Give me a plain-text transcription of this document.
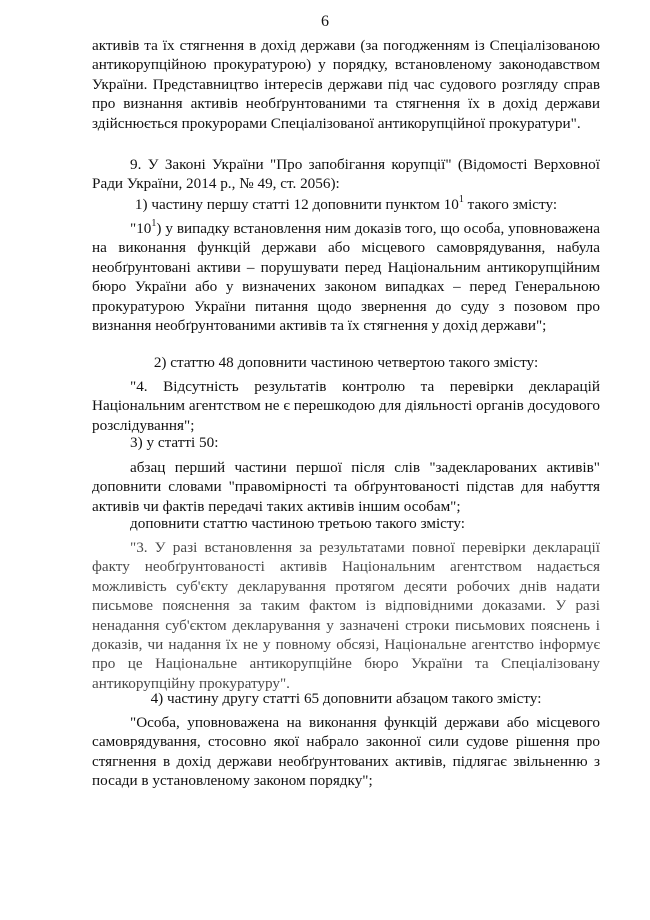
6
активів та їх стягнення в дохід держави (за погодженням із Спеціалізованою антикорупційною прокуратурою) у порядку, встановленому законодавством України. Представництво інтересів держави під час судового розгляду справ про визнання активів необґрунтованими та стягнення їх в дохід держави здійснюється прокурорами Спеціалізованої антикорупційної прокуратури".
9. У Законі України "Про запобігання корупції" (Відомості Верховної Ради України, 2014 р., № 49, ст. 2056):
1) частину першу статті 12 доповнити пунктом $10^1$ такого змісту:
"$10^1$) у випадку встановлення ним доказів того, що особа, уповноважена на виконання функцій держави або місцевого самоврядування, набула необґрунтовані активи – порушувати перед Національним антикорупційним бюро України або у визначених законом випадках – перед Генеральною прокуратурою України питання щодо звернення до суду з позовом про визнання необґрунтованими активів та їх стягнення у дохід держави";
2) статтю 48 доповнити частиною четвертою такого змісту:
"4. Відсутність результатів контролю та перевірки декларацій Національним агентством не є перешкодою для діяльності органів досудового розслідування";
3) у статті 50:
абзац перший частини першої після слів "задекларованих активів" доповнити словами "правомірності та обґрунтованості підстав для набуття активів чи фактів передачі таких активів іншим особам";
доповнити статтю частиною третьою такого змісту:
"3. У разі встановлення за результатами повної перевірки декларації факту необґрунтованості активів Національним агентством надається можливість суб'єкту декларування протягом десяти робочих днів надати письмове пояснення за таким фактом із відповідними доказами. У разі ненадання суб'єктом декларування у зазначені строки письмових пояснень і доказів, чи надання їх не у повному обсязі, Національне агентство інформує про це Національне антикорупційне бюро України та Спеціалізовану антикорупційну прокуратуру".
4) частину другу статті 65 доповнити абзацом такого змісту:
"Особа, уповноважена на виконання функцій держави або місцевого самоврядування, стосовно якої набрало законної сили судове рішення про стягнення в дохід держави необґрунтованих активів, підлягає звільненню з посади в установленому законом порядку";
